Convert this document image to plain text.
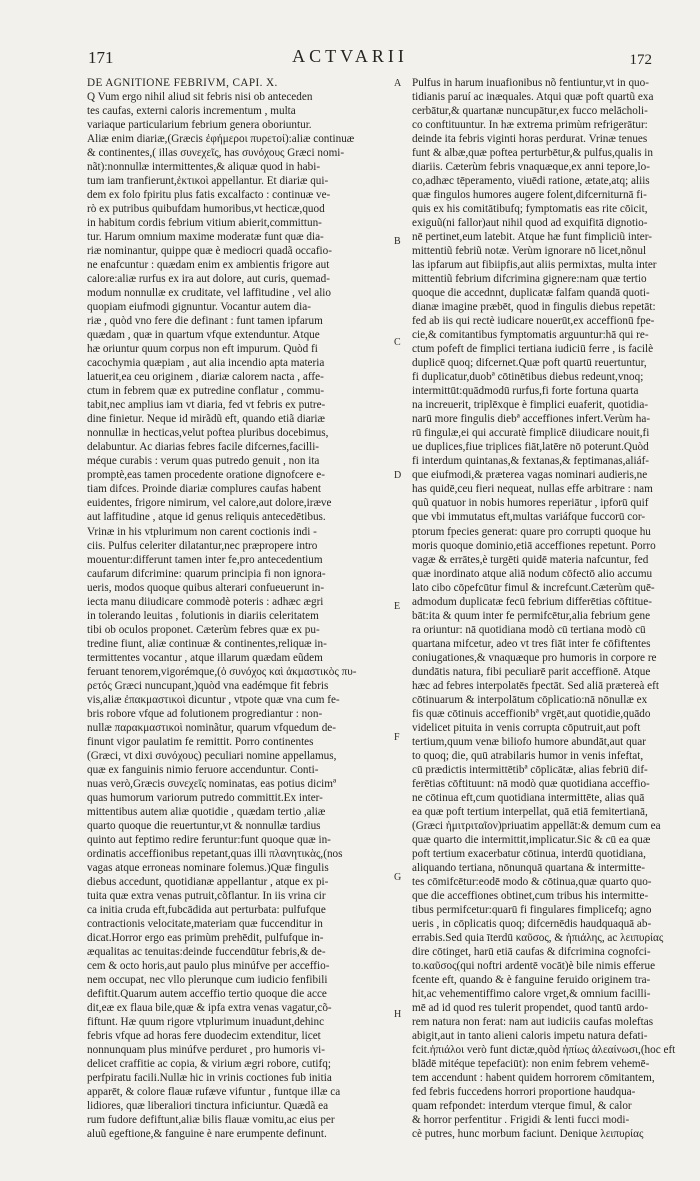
171	ACTVARII	172
DE AGNITIONE FEBRIVM, CAPI. X.
Q Vum ergo nihil aliud sit febris nisi ob anteceden
tes caufas, externi caloris incrementum , multa
variaque particularium febrium genera oboriuntur.
Aliæ enim diariæ,(Græcis ἐφήμεροι πυρετοί):aliæ continuæ
& continentes,( illas συνεχεῖς, has συνόχους Græci nomi-
nãt):nonnullæ intermittentes,& aliquæ quod in habi-
tum iam tranfierunt,ἑκτικοὶ appellantur. Et diariæ qui-
dem ex folo fpiritu plus fatis excalfacto : continuæ ve-
rò ex putribus quibufdam humoribus,vt hecticæ,quod
in habitum cordis febrium vitium abierit,committun-
tur. Harum omnium maxime moderatæ funt quæ dia-
riæ nominantur, quippe quæ è mediocri quadã occafio-
ne enafcuntur : quædam enim ex ambientis frigore aut
calore:aliæ rurfus ex ira aut dolore, aut curis, quemad-
modum nonnullæ ex cruditate, vel laffitudine , vel alio
quopiam eiufmodi gignuntur. Vocantur autem dia-
riæ , quòd vno fere die definant : funt tamen ipfarum
quædam , quæ in quartum vfque extenduntur. Atque
hæ oriuntur quum corpus non eft impurum. Quòd fi
cacochymia quæpiam , aut alia incendio apta materia
latuerit,ea ceu originem , diariæ calorem nacta , affe-
ctum in febrem quæ ex putredine conflatur , commu-
tabit,nec amplius iam vt diaria, fed vt febris ex putre-
dine finietur. Neque id mirãdũ eft, quando etiã diariæ
nonnullæ in hecticas,velut poftea pluribus docebimus,
delabuntur. Ac diarias febres facile difcernes,facilli-
méque curabis : verum quas putredo genuit , non ita
promptè,eas tamen procedente oratione dignofcere e-
tiam difces. Proinde diariæ complures caufas habent
euidentes, frigore nimirum, vel calore,aut dolore,iræve
aut laffitudine , atque id genus reliquis antecedētibus.
Vrinæ in his vtplurimum non carent coctionis indi -
ciis. Pulfus celeriter dilatantur,nec præpropere intro
mouentur:differunt tamen inter fe,pro antecedentium
caufarum difcrimine: quarum principia fi non ignora-
ueris, modos quoque quibus alterari confueuerunt in-
iecta manu diiudicare commodè poteris : adhæc ægri
in tolerando leuitas , folutionis in diariis celeritatem
tibi ob oculos proponet. Cæterùm febres quæ ex pu-
tredine fiunt, aliæ continuæ & continentes,reliquæ in-
termittentes vocantur , atque illarum quædam eũdem
feruant tenorem,vigorémque,(ὁ συνόχος καὶ ἀκμαστικὸς πυ-
ρετός Græci nuncupant,)quòd vna eadémque fit febris
vis,aliæ ἐπακμαστικοὶ dicuntur , vtpote quæ vna cum fe-
bris robore vfque ad folutionem progrediantur : non-
nullæ παρακμαστικοὶ nominãtur, quarum vfquedum de-
finunt vigor paulatim fe remittit. Porro continentes
(Græci, vt dixi συνόχους) peculiari nomine appellamus,
quæ ex fanguinis nimio feruore accenduntur. Conti-
nuas verò,Græcis συνεχεῖς nominatas, eas potius dicimª
quas humorum variorum putredo committit.Ex inter-
mittentibus autem aliæ quotidie , quædam tertio ,aliæ
quarto quoque die reuertuntur,vt & nonnullæ tardius
quinto aut feptimo redire feruntur:funt quoque quæ in-
ordinatis acceffionibus repetant,quas illi πλανητικὰς,(nos
vagas atque erroneas nominare folemus.)Quæ fingulis
diebus accedunt, quotidianæ appellantur , atque ex pi-
tuita quæ extra venas putruit,cõflantur. In iis vrina cir
ca initia cruda eft,fubcādida aut perturbata: pulfufque
contractionis velocitate,materiam quæ fuccenditur in
dicat.Horror ergo eas primùm prehēdit, pulfufque in-
æqualitas ac tenuitas:deinde fuccendūtur febris,& de-
cem & octo horis,aut paulo plus minúfve per acceffio-
nem occupat, nec vllo plerunque cum iudicio fenfibili
defiftit.Quarum autem acceffio tertio quoque die acce
dit,eæ ex flaua bile,quæ & ipfa extra venas vagatur,cõ-
fiftunt. Hæ quum rigore vtplurimum inuadunt,dehinc
febris vfque ad horas fere duodecim extenditur, licet
nonnunquam plus minúfve perduret , pro humoris vi-
delicet craffitie ac copia, & virium ægri robore, cutifq;
perfpiratu facili.Nullæ hic in vrinis coctiones fub initia
apparēt, & colore flauæ rufæve vifuntur , funtque illæ ca
lidiores, quæ liberaliori tinctura inficiuntur. Quædã ea
rum fudore defiftunt,aliæ bilis flauæ vomitu,ac eius per
aluũ egeftione,& fanguine è nare erumpente definunt.
Pulfus in harum inuafionibus nõ fentiuntur,vt in quo-
tidianis paruí ac inæquales. Atqui quæ poft quartũ exa
cerbātur,& quartanæ nuncupātur,ex fucco melācholi-
co conftituuntur. In hæ extrema primùm refrigerātur:
deinde ita febris viginti horas perdurat. Vrinæ tenues
funt & albæ,quæ poftea perturbētur,& pulfus,qualis in
diariis. Cæterùm febris vnaquæque,ex anni tepore,lo-
co,adhæc tēperamento, viuēdi ratione, ætate,atq; aliis
quæ fingulos humores augere folent,difcerniturnā fi-
quis ex his comitātibufq; fymptomatis eas rite cōicit,
exiguũ(ni fallor)aut nihil quod ad exquifitā dignotio-
nē pertinet,eum latebit. Atque hæ funt fimpliciũ inter-
mittentiũ febriũ notæ. Verùm ignorare nō licet,nõnul
las ipfarum aut fibiipfis,aut aliis permixtas, multa inter
mittentiũ febrium difcrimina gignere:nam quæ tertio
quoque die accednnt, duplicatæ falfam quandā quoti-
dianæ imagine præbēt, quod in fingulis diebus repetāt:
fed ab iis qui rectè iudicare nouerūt,ex acceffionū fpe-
cie,& comitantibus fymptomatis arguuntur:hā qui re-
ctum pofeft de fimplici tertiana iudiciū ferre , is facilè
duplicē quoq; difcernet.Quæ poft quartū reuertuntur,
fi duplicatur,duobª cōtinētibus diebus redeunt,vnoq;
intermittūt:quādmodū rurfus,fi forte fortuna quarta
na increuerit, triplēxque è fimplici euaferit, quotidia-
narū more fingulis diebª acceffiones infert.Verùm ha-
rū fingulæ,ei qui accuratè fimplicē diiudicare nouit,fi
ue duplices,fiue triplices fiāt,latēre nō poterunt.Quòd
fi interdum quintanas,& fextanas,& feptimanas,aliáf-
que eiufmodi,& præterea vagas nominari audieris,ne
has quidē,ceu fieri nequeat, nullas effe arbitrare : nam
quũ quatuor in nobis humores reperiātur , ipforū quif
que vbi immutatus eft,multas variáfque fuccorū cor-
ptorum fpecies generat: quare pro corrupti quoque hu
moris quoque dominio,etiā acceffiones repetunt. Porro
vagæ & errātes,è turgēti quidē materia nafcuntur, fed
quæ inordinato atque aliā nodum cōfectō alio accumu
lato cibo cōpefcūtur fimul & increfcunt.Cæterùm quē-
admodum duplicatæ fecū febrium differētias cōftitue-
bāt:ita & quum inter fe permifcētur,alia febrium gene
ra oriuntur: nā quotidiana modò cū tertiana modò cū
quartana mifcetur, adeo vt tres fiāt inter fe cōfiftentes
coniugationes,& vnaquæque pro humoris in corpore re
dundātis natura, fibi peculiarē parit acceffionē. Atque
hæc ad febres interpolatēs fpectāt. Sed aliā prætereà eft
cōtinuarum & interpolātum cōplicatio:nā nōnullæ ex
fis quæ cōtinuis acceffionibª vrgēt,aut quotidie,quādo
videlicet pituita in venis corrupta cōputruit,aut poft
tertium,quum venæ biliofo humore abundāt,aut quar
to quoq; die, quū atrabilaris humor in venis infeftat,
cū prædictis intermittētibª cōplicātæ, alias febriū dif-
ferētias cōftituunt: nā modò quæ quotidiana acceffio-
ne cōtinua eft,cum quotidiana intermittēte, alias quā
ea quæ poft tertium interpellat, quā etiā femitertianā,
(Græci ἡμιτριταῖον)priuatim appellāt:& demum cum ea
quæ quarto die intermittit,implicatur.Sic & cū ea quæ
poft tertium exacerbatur cōtinua, interdū quotidiana,
aliquando tertiana, nōnunquā quartana & intermitte-
tes cōmifcētur:eodē modo & cōtinua,quæ quarto quo-
que die acceffiones obtinet,cum tribus his intermitte-
tibus permifcetur:quarū fi fingulares fimplicefq; agno
ueris , in cōplicatis quoq; difcernēdis haudquaquā ab-
errabis.Sed quia īterdū καῦσος, & ἠπιάλης, ac λειπυρίας
dire cōtinget, harū etiā caufas & difcrimina cognofci-
to.καῦσος(qui noftri ardentē vocāt)è bile nimis efferue
fcente eft, quando & è fanguine feruido originem tra-
hit,ac vehementiffimo calore vrget,& omnium facilli-
mē ad id quod res tulerit propendet, quod tantū ardo-
rem natura non ferat: nam aut iudiciis caufas moleftas
abigit,aut in tanto alieni caloris impetu natura defati-
fcit.ἠπιάλοι verò funt dictæ,quòd ἠπίως ἀλεαίνωσι,(hoc eft
blādē mitéque tepefaciūt): non enim febrem vehemē-
tem accendunt : habent quidem horrorem cōmitantem,
fed febris fuccedens horrori proportione haudqua-
quam refpondet: interdum vterque fimul, & calor
& horror perfentitur . Frigidi & lenti fucci modi-
cè putres, hunc morbum faciunt. Denique λειπυρίας
A
B
C
D
E
F
G
H
